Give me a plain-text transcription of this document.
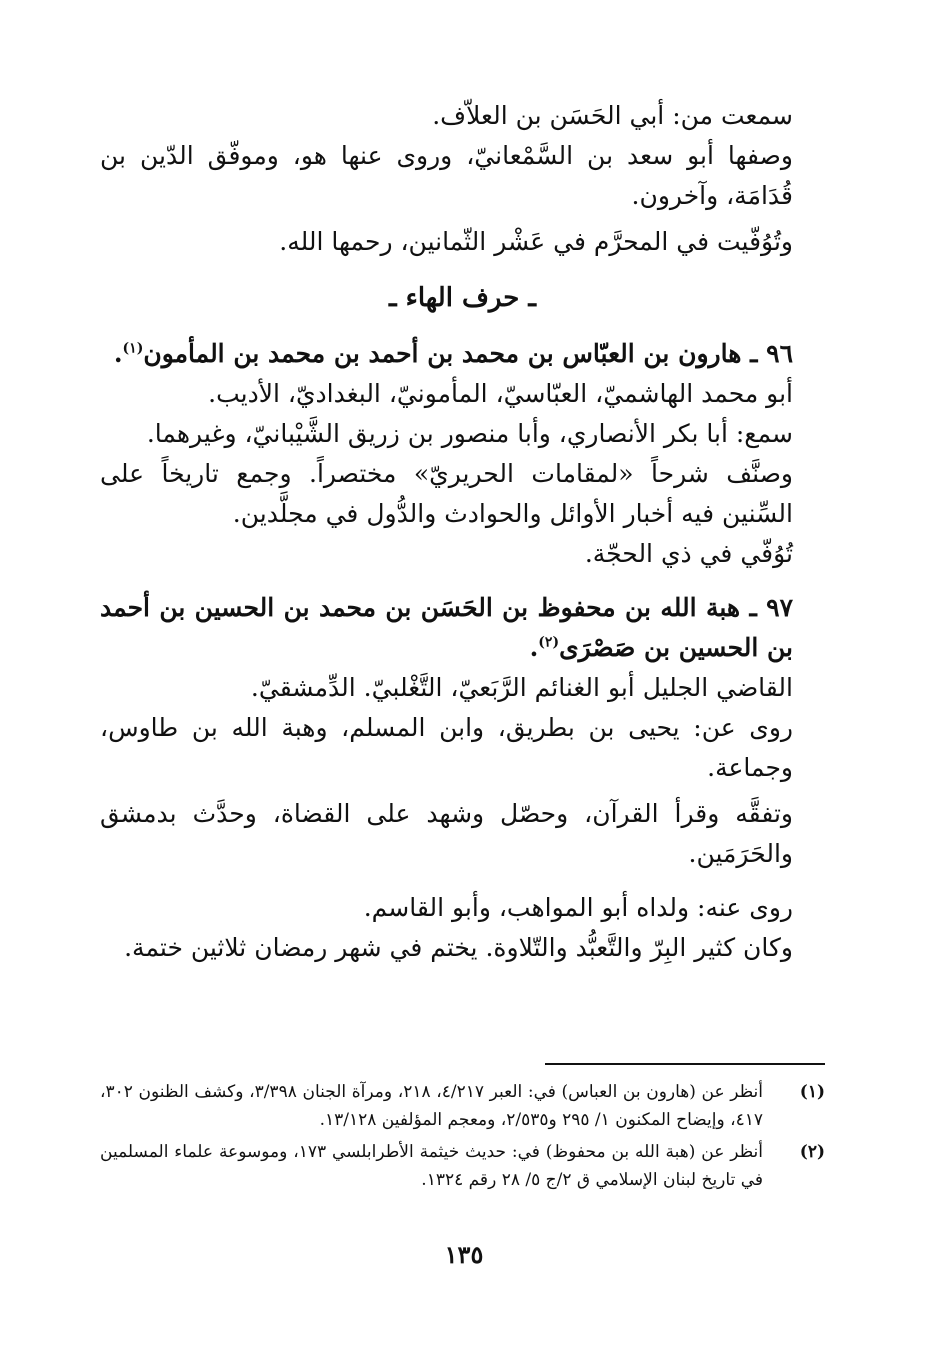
سمعت من: أبي الحَسَن بن العلاّف.

وصفها أبو سعد بن السَّمْعانيّ، وروى عنها هو، وموفّق الدّين بن قُدَامَة، وآخرون.

وتُوُفّيت في المحرَّم في عَشْر الثّمانين، رحمها الله.

ـ حرف الهاء ـ

٩٦ ـ هارون بن العبّاس بن محمد بن أحمد بن محمد بن المأمون$^{(١)}$.

أبو محمد الهاشميّ، العبّاسيّ، المأمونيّ، البغداديّ، الأديب.

سمع: أبا بكر الأنصاري، وأبا منصور بن زريق الشَّيْبانيّ، وغيرهما.

وصنَّف شرحاً «لمقامات الحريريّ» مختصراً. وجمع تاريخاً على السِّنين فيه أخبار الأوائل والحوادث والدُّول في مجلَّدين.

تُوُفّي في ذي الحجّة.

٩٧ ـ هبة الله بن محفوظ بن الحَسَن بن محمد بن الحسين بن أحمد بن الحسين بن صَصْرَى$^{(٢)}$.

القاضي الجليل أبو الغنائم الرَّبَعيّ، التَّغْلبيّ. الدِّمشقيّ.

روى عن: يحيى بن بطريق، وابن المسلم، وهبة الله بن طاوس، وجماعة.

وتفقَّه وقرأ القرآن، وحصّل وشهد على القضاة، وحدَّث بدمشق والحَرَمَين.

روى عنه: ولداه أبو المواهب، وأبو القاسم.

وكان كثير البِرّ والتَّعبُّد والتّلاوة. يختم في شهر رمضان ثلاثين ختمة.

(١)
أنظر عن (هارون بن العباس) في: العبر ٤/٢١٧، ٢١٨، ومرآة الجنان ٣/٣٩٨، وكشف الظنون ٣٠٢، ٤١٧، وإيضاح المكنون ١/ ٢٩٥ و٢/٥٣٥، ومعجم المؤلفين ١٣/١٢٨.
(٢)
أنظر عن (هبة الله بن محفوظ) في: حديث خيثمة الأطرابلسي ١٧٣، وموسوعة علماء المسلمين في تاريخ لبنان الإسلامي ق ٢/ج ٥/ ٢٨ رقم ١٣٢٤.
١٣٥
